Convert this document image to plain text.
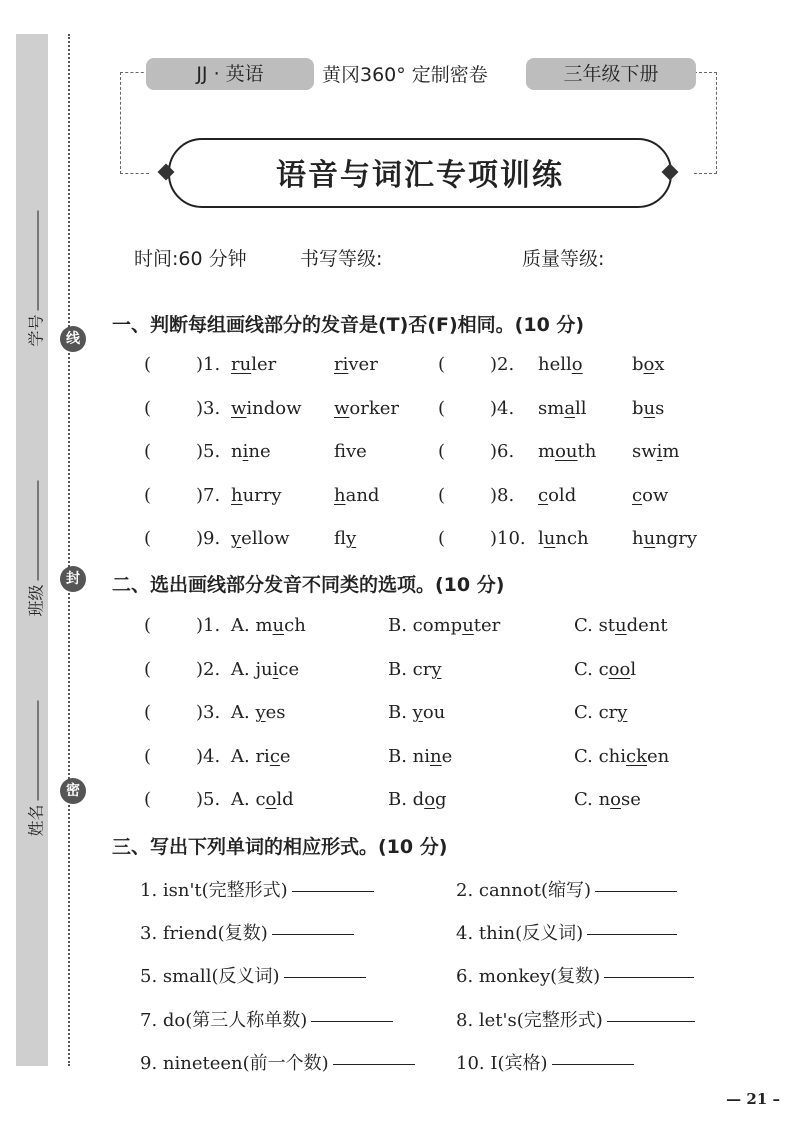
线
封
密
学号
班级
姓名
JJ · 英语	黄冈360° 定制密卷	三年级下册
语音与词汇专项训练
时间:60 分钟	书写等级:	质量等级:
一、判断每组画线部分的发音是(T)否(F)相同。(10 分)
( )1. ruler	river	( )2. hello	box
( )3. window worker ( )4. small	bus
( )5. nine	fve	( )6. mouth swim
( )7. hurry	hand	( )8. cold	cow
( )9. yellow fly	( )10. lunch hungry
二、选出画线部分发音不同类的选项。(10 分)
( )1. A. much	B. computer	C. student
( )2. A. juice	B. cry	C. cool
( )3. A. yes	B. you	C. cry
( )4. A. rice	B. nine	C. chicken
( )5. A. cold	B. dog	C. nose
三、写出下列单词的相应形式。(10 分)
1. isn't(完整形式)	2. cannot(缩写)
3. friend(复数)	4. thin(反义词)
5. small(反义词)	6. monkey(复数)
7. do(第三人称单数)	8. let's(完整形式)
9. nineteen(前一个数)	10. I(宾格)
— 21 –
